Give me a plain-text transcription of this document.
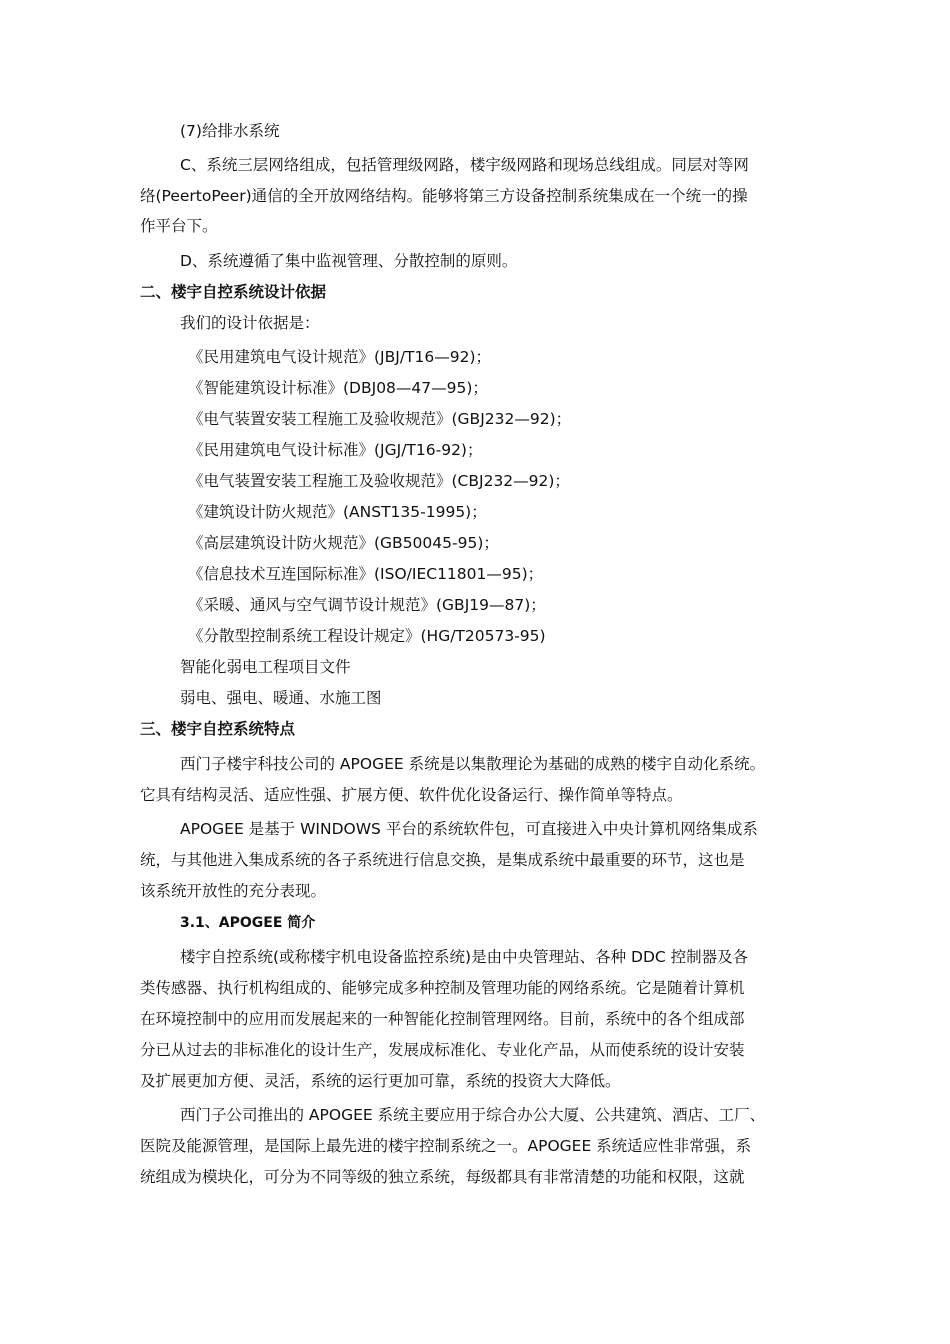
(7)给排水系统
C、系统三层网络组成，包括管理级网路，楼宇级网路和现场总线组成。同层对等网
络(PeertoPeer)通信的全开放网络结构。能够将第三方设备控制系统集成在一个统一的操
作平台下。
D、系统遵循了集中监视管理、分散控制的原则。
二、楼宇自控系统设计依据
我们的设计依据是：
《民用建筑电气设计规范》(JBJ/T16—92)；
《智能建筑设计标准》(DBJ08—47—95)；
《电气装置安装工程施工及验收规范》(GBJ232—92)；
《民用建筑电气设计标准》(JGJ/T16-92)；
《电气装置安装工程施工及验收规范》(CBJ232—92)；
《建筑设计防火规范》(ANST135-1995)；
《高层建筑设计防火规范》(GB50045-95)；
《信息技术互连国际标准》(ISO/IEC11801—95)；
《采暖、通风与空气调节设计规范》(GBJ19—87)；
《分散型控制系统工程设计规定》(HG/T20573-95)
智能化弱电工程项目文件
弱电、强电、暖通、水施工图
三、楼宇自控系统特点
西门子楼宇科技公司的 APOGEE 系统是以集散理论为基础的成熟的楼宇自动化系统。
它具有结构灵活、适应性强、扩展方便、软件优化设备运行、操作简单等特点。
APOGEE 是基于 WINDOWS 平台的系统软件包，可直接进入中央计算机网络集成系
统，与其他进入集成系统的各子系统进行信息交换，是集成系统中最重要的环节，这也是
该系统开放性的充分表现。
3.1、APOGEE 简介
楼宇自控系统(或称楼宇机电设备监控系统)是由中央管理站、各种 DDC 控制器及各
类传感器、执行机构组成的、能够完成多种控制及管理功能的网络系统。它是随着计算机
在环境控制中的应用而发展起来的一种智能化控制管理网络。目前，系统中的各个组成部
分已从过去的非标准化的设计生产，发展成标准化、专业化产品，从而使系统的设计安装
及扩展更加方便、灵活，系统的运行更加可靠，系统的投资大大降低。
西门子公司推出的 APOGEE 系统主要应用于综合办公大厦、公共建筑、酒店、工厂、
医院及能源管理，是国际上最先进的楼宇控制系统之一。APOGEE 系统适应性非常强，系
统组成为模块化，可分为不同等级的独立系统，每级都具有非常清楚的功能和权限，这就
